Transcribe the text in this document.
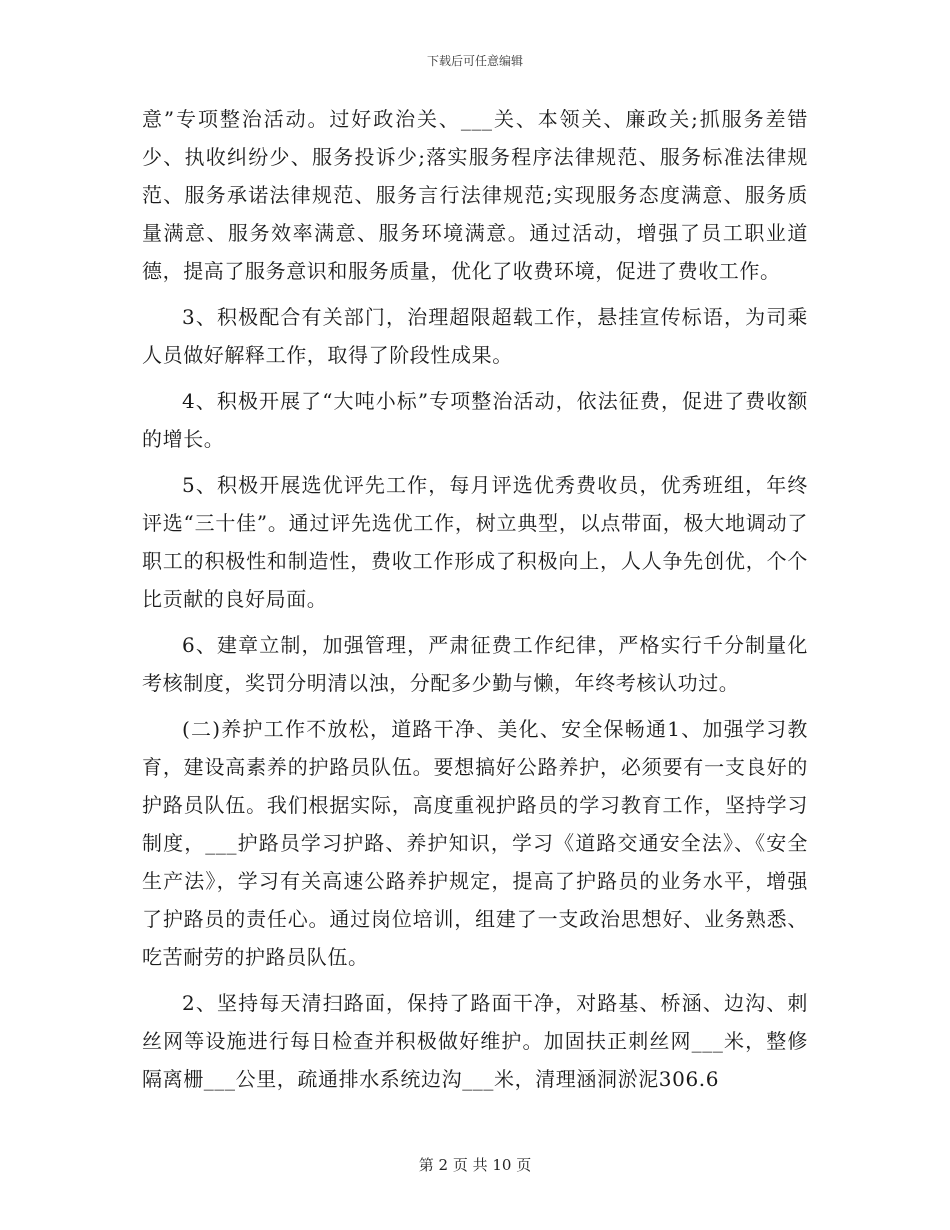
下载后可任意编辑

意”专项整治活动。过好政治关、___关、本领关、廉政关;抓服务差错少、执收纠纷少、服务投诉少;落实服务程序法律规范、服务标准法律规范、服务承诺法律规范、服务言行法律规范;实现服务态度满意、服务质量满意、服务效率满意、服务环境满意。通过活动，增强了员工职业道德，提高了服务意识和服务质量，优化了收费环境，促进了费收工作。

3、积极配合有关部门，治理超限超载工作，悬挂宣传标语，为司乘人员做好解释工作，取得了阶段性成果。

4、积极开展了“大吨小标”专项整治活动，依法征费，促进了费收额的增长。

5、积极开展选优评先工作，每月评选优秀费收员，优秀班组，年终评选“三十佳”。通过评先选优工作，树立典型，以点带面，极大地调动了职工的积极性和制造性，费收工作形成了积极向上，人人争先创优，个个比贡献的良好局面。

6、建章立制，加强管理，严肃征费工作纪律，严格实行千分制量化考核制度，奖罚分明清以浊，分配多少勤与懒，年终考核认功过。

(二)养护工作不放松，道路干净、美化、安全保畅通1、加强学习教育，建设高素养的护路员队伍。要想搞好公路养护，必须要有一支良好的护路员队伍。我们根据实际，高度重视护路员的学习教育工作，坚持学习制度，___护路员学习护路、养护知识，学习《道路交通安全法》、《安全生产法》，学习有关高速公路养护规定，提高了护路员的业务水平，增强了护路员的责任心。通过岗位培训，组建了一支政治思想好、业务熟悉、吃苦耐劳的护路员队伍。

2、坚持每天清扫路面，保持了路面干净，对路基、桥涵、边沟、刺丝网等设施进行每日检查并积极做好维护。加固扶正刺丝网___米，整修隔离栅___公里，疏通排水系统边沟___米，清理涵洞淤泥306.6

第 2 页 共 10 页
